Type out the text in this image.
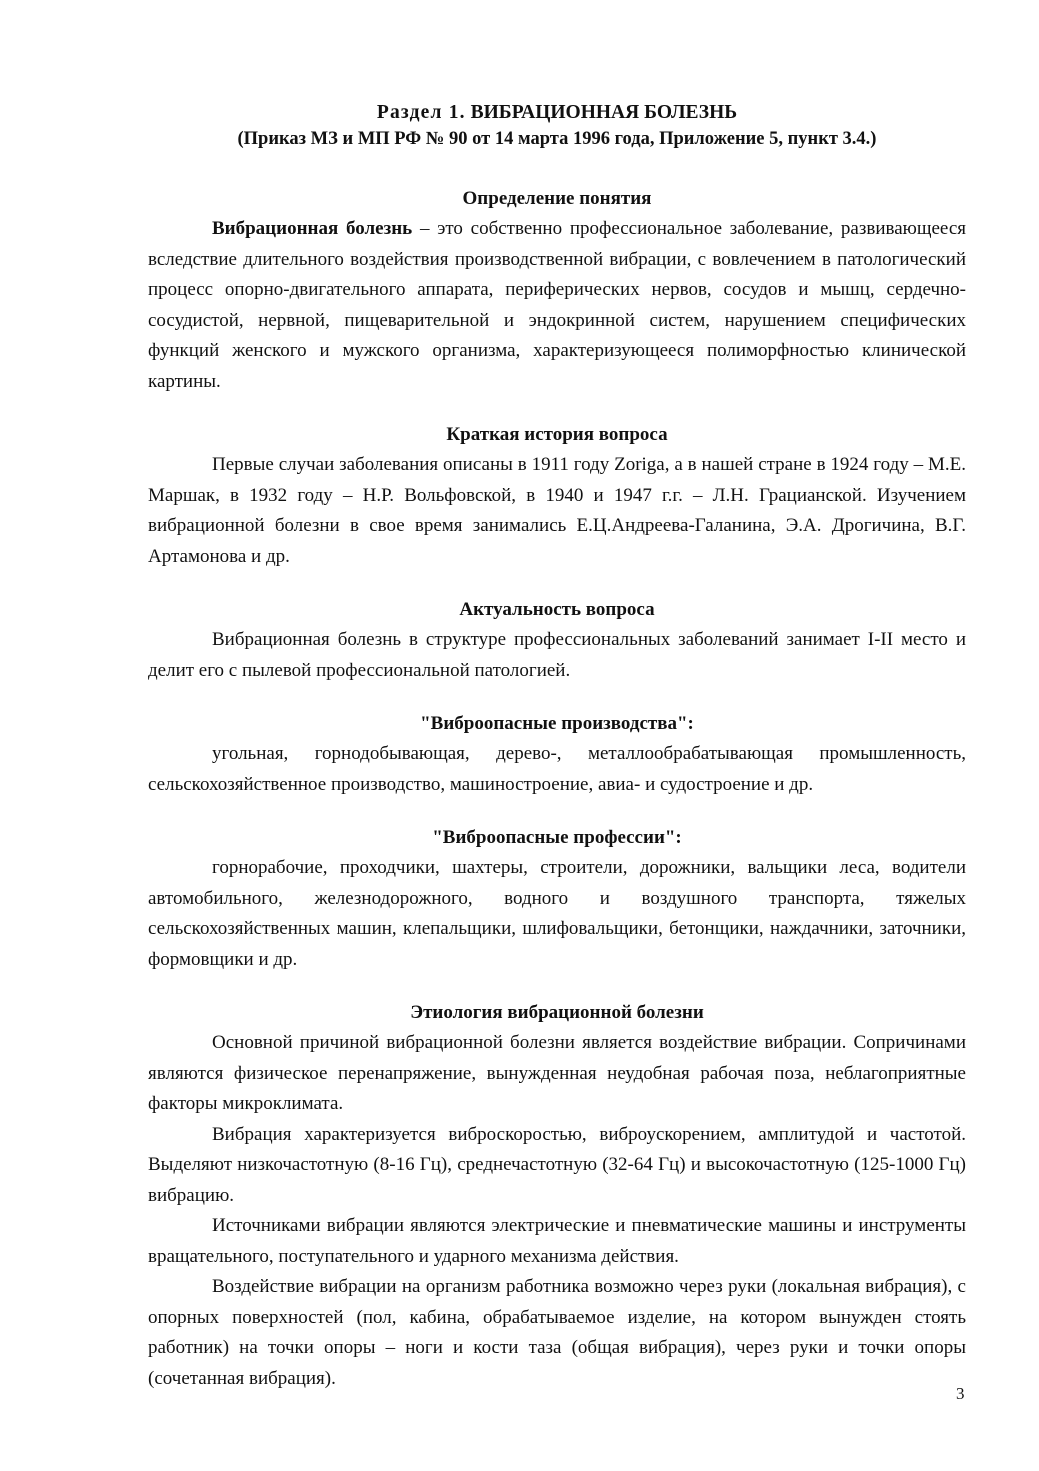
Раздел 1. ВИБРАЦИОННАЯ БОЛЕЗНЬ
(Приказ МЗ и МП РФ № 90 от 14 марта 1996 года, Приложение 5, пункт 3.4.)
Определение понятия

Вибрационная болезнь – это собственно профессиональное заболевание, развивающееся вследствие длительного воздействия производственной вибрации, с вовлечением в патологический процесс опорно-двигательного аппарата, периферических нервов, сосудов и мышц, сердечно-сосудистой, нервной, пищеварительной и эндокринной систем, нарушением специфических функций женского и мужского организма, характеризующееся полиморфностью клинической картины.

Краткая история вопроса

Первые случаи заболевания описаны в 1911 году Zoriga, а в нашей стране в 1924 году – М.Е. Маршак, в 1932 году – Н.Р. Вольфовской, в 1940 и 1947 г.г. – Л.Н. Грацианской. Изучением вибрационной болезни в свое время занимались Е.Ц.Андреева-Галанина, Э.А. Дрогичина, В.Г. Артамонова и др.

Актуальность вопроса

Вибрационная болезнь в структуре профессиональных заболеваний занимает I-II место и делит его с пылевой профессиональной патологией.

"Виброопасные производства":

угольная, горнодобывающая, дерево-, металлообрабатывающая промышленность, сельскохозяйственное производство, машиностроение, авиа- и судостроение и др.

"Виброопасные профессии":

горнорабочие, проходчики, шахтеры, строители, дорожники, вальщики леса, водители автомобильного, железнодорожного, водного и воздушного транспорта, тяжелых сельскохозяйственных машин, клепальщики, шлифовальщики, бетонщики, наждачники, заточники, формовщики и др.

Этиология вибрационной болезни

Основной причиной вибрационной болезни является воздействие вибрации. Сопричинами являются физическое перенапряжение, вынужденная неудобная рабочая поза, неблагоприятные факторы микроклимата.

Вибрация характеризуется виброскоростью, виброускорением, амплитудой и частотой. Выделяют низкочастотную (8-16 Гц), среднечастотную (32-64 Гц) и высокочастотную (125-1000 Гц) вибрацию.

Источниками вибрации являются электрические и пневматические машины и инструменты вращательного, поступательного и ударного механизма действия.

Воздействие вибрации на организм работника возможно через руки (локальная вибрация), с опорных поверхностей (пол, кабина, обрабатываемое изделие, на котором вынужден стоять работник) на точки опоры – ноги и кости таза (общая вибрация), через руки и точки опоры (сочетанная вибрация).

3
